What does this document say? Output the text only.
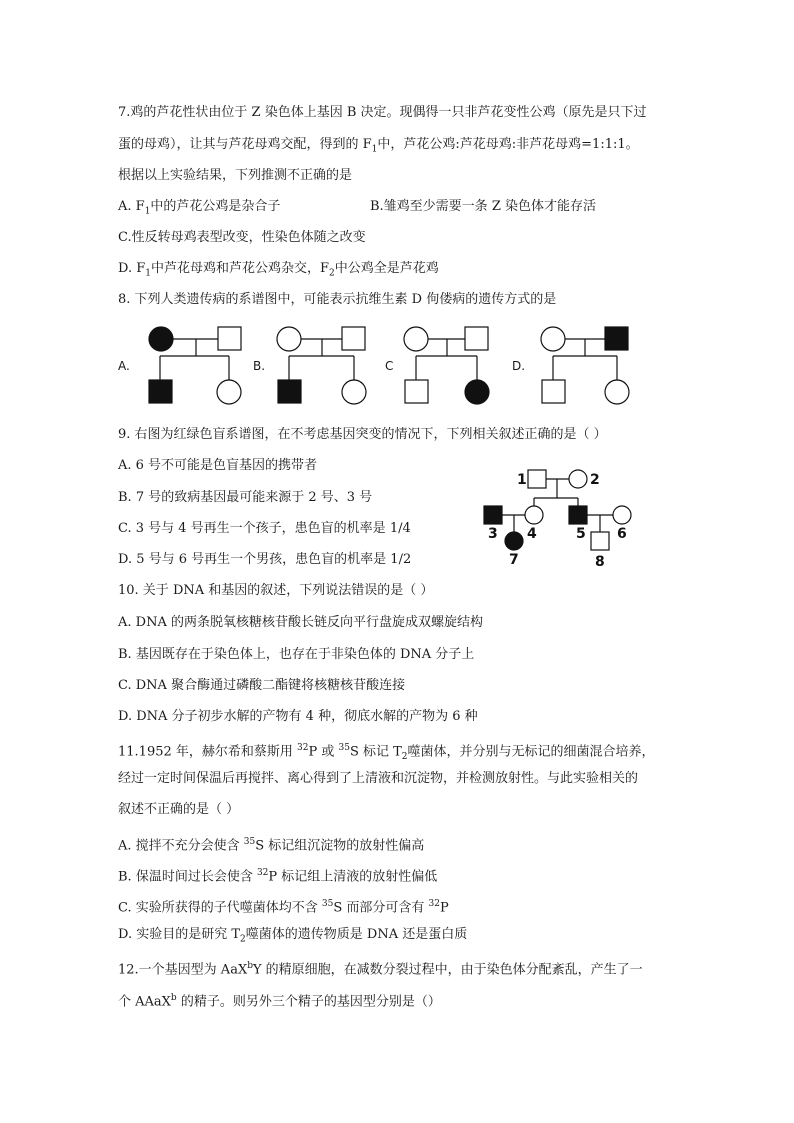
7.鸡的芦花性状由位于 Z 染色体上基因 B 决定。现偶得一只非芦花变性公鸡（原先是只下过
蛋的母鸡），让其与芦花母鸡交配，得到的 $F_1$中，芦花公鸡:芦花母鸡:非芦花母鸡=1:1:1。
根据以上实验结果，下列推测不正确的是
A. $F_1$中的芦花公鸡是杂合子	B.雏鸡至少需要一条 Z 染色体才能存活
C.性反转母鸡表型改变，性染色体随之改变
D. $F_1$中芦花母鸡和芦花公鸡杂交，$F_2$中公鸡全是芦花鸡
8. 下列人类遗传病的系谱图中，可能表示抗维生素 D 佝偻病的遗传方式的是
A.	B.	C	D.
9. 右图为红绿色盲系谱图，在不考虑基因突变的情况下，下列相关叙述正确的是（ ）
A. 6 号不可能是色盲基因的携带者
B. 7 号的致病基因最可能来源于 2 号、3 号
C. 3 号与 4 号再生一个孩子，患色盲的机率是 1/4
D. 5 号与 6 号再生一个男孩，患色盲的机率是 1/2
1	2
4
3
7
5 6
8
10. 关于 DNA 和基因的叙述，下列说法错误的是（ ）
A. DNA 的两条脱氧核糖核苷酸长链反向平行盘旋成双螺旋结构
B. 基因既存在于染色体上，也存在于非染色体的 DNA 分子上
C. DNA 聚合酶通过磷酸二酯键将核糖核苷酸连接
D. DNA 分子初步水解的产物有 4 种，彻底水解的产物为 6 种
11.1952 年，赫尔希和蔡斯用 $^{32}$P 或 $^{35}$S 标记 $T_2$噬菌体，并分别与无标记的细菌混合培养，
经过一定时间保温后再搅拌、离心得到了上清液和沉淀物，并检测放射性。与此实验相关的
叙述不正确的是（ ）
A. 搅拌不充分会使含 $^{35}$S 标记组沉淀物的放射性偏高
B. 保温时间过长会使含 $^{32}$P 标记组上清液的放射性偏低
C. 实验所获得的子代噬菌体均不含 $^{35}$S 而部分可含有 $^{32}$P
D. 实验目的是研究 $T_2$噬菌体的遗传物质是 DNA 还是蛋白质
12.一个基因型为 AaX$^b$Y 的精原细胞，在减数分裂过程中，由于染色体分配紊乱，产生了一
个 AAaX$^b$ 的精子。则另外三个精子的基因型分别是（）
